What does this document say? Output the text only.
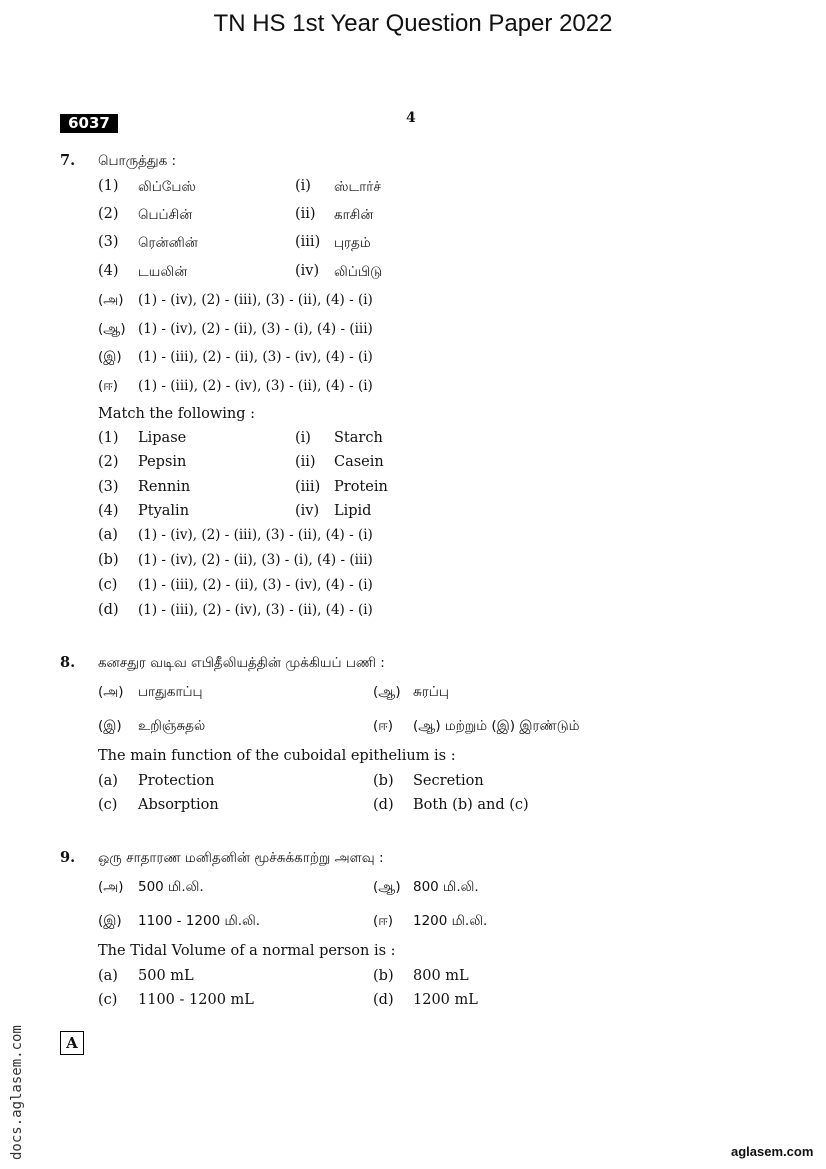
TN HS 1st Year Question Paper 2022
6037	4
7. பொருத்துக :
(1) லிப்பேஸ்	(i) ஸ்டார்ச்
(2) பெப்சின்	(ii) காசின்
(3) ரென்னின்	(iii) புரதம்
(4) டயலின்	(iv) லிப்பிடு
(அ) (1) - (iv), (2) - (iii), (3) - (ii), (4) - (i)
(ஆ) (1) - (iv), (2) - (ii), (3) - (i), (4) - (iii)
(இ) (1) - (iii), (2) - (ii), (3) - (iv), (4) - (i)
(ஈ) (1) - (iii), (2) - (iv), (3) - (ii), (4) - (i)
Match the following :
(1) Lipase	(i) Starch
(2) Pepsin	(ii) Casein
(3) Rennin	(iii) Protein
(4) Ptyalin	(iv) Lipid
(a) (1) - (iv), (2) - (iii), (3) - (ii), (4) - (i)
(b) (1) - (iv), (2) - (ii), (3) - (i), (4) - (iii)
(c) (1) - (iii), (2) - (ii), (3) - (iv), (4) - (i)
(d) (1) - (iii), (2) - (iv), (3) - (ii), (4) - (i)
8. கனசதுர வடிவ எபிதீலியத்தின் முக்கியப் பணி :
(அ) பாதுகாப்பு	(ஆ) சுரப்பு
(இ) உறிஞ்சுதல்	(ஈ) (ஆ) மற்றும் (இ) இரண்டும்
The main function of the cuboidal epithelium is :
(a) Protection	(b) Secretion
(c) Absorption	(d) Both (b) and (c)
9. ஒரு சாதாரண மனிதனின் மூச்சுக்காற்று அளவு :
(அ) 500 மி.லி.	(ஆ) 800 மி.லி.
(இ) 1100 - 1200 மி.லி.	(ஈ) 1200 மி.லி.
The Tidal Volume of a normal person is :
(a) 500 mL	(b) 800 mL
(c) 1100 - 1200 mL	(d) 1200 mL
docs.aglasem.com	A
aglasem.com
